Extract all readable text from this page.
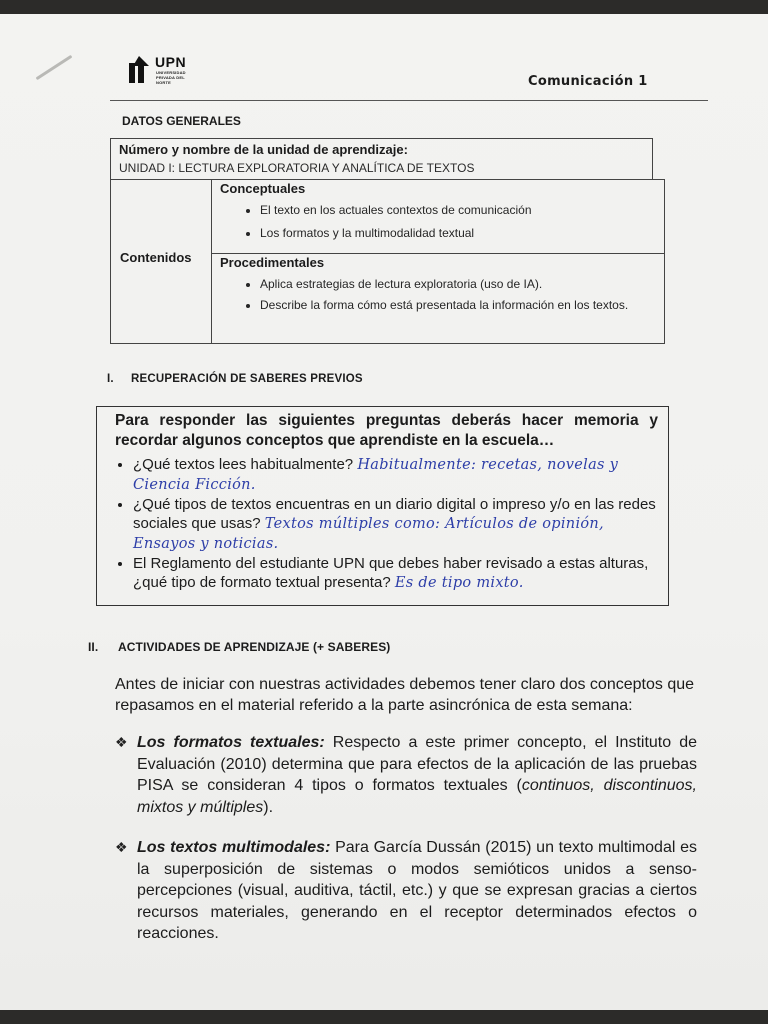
UPN
UNIVERSIDAD PRIVADA DEL NORTE	Comunicación 1
DATOS GENERALES
Número y nombre de la unidad de aprendizaje:
UNIDAD I: LECTURA EXPLORATORIA Y ANALÍTICA DE TEXTOS
Contenidos
Conceptuales
• El texto en los actuales contextos de comunicación
• Los formatos y la multimodalidad textual
Procedimentales
• Aplica estrategias de lectura exploratoria (uso de IA).
• Describe la forma cómo está presentada la información en los textos.
I. RECUPERACIÓN DE SABERES PREVIOS
Para responder las siguientes preguntas deberás hacer memoria y recordar algunos conceptos que aprendiste en la escuela…
• ¿Qué textos lees habitualmente? Habitualmente: recetas, novelas y Ciencia Ficción.
• ¿Qué tipos de textos encuentras en un diario digital o impreso y/o en las redes sociales que usas? Textos múltiples como: Artículos de opinión, Ensayos y noticias.
• El Reglamento del estudiante UPN que debes haber revisado a estas alturas, ¿qué tipo de formato textual presenta? Es de tipo mixto.
II. ACTIVIDADES DE APRENDIZAJE (+ SABERES)
Antes de iniciar con nuestras actividades debemos tener claro dos conceptos que repasamos en el material referido a la parte asincrónica de esta semana:
❖ Los formatos textuales: Respecto a este primer concepto, el Instituto de Evaluación (2010) determina que para efectos de la aplicación de las pruebas PISA se consideran 4 tipos o formatos textuales (continuos, discontinuos, mixtos y múltiples).
❖ Los textos multimodales: Para García Dussán (2015) un texto multimodal es la superposición de sistemas o modos semióticos unidos a senso-percepciones (visual, auditiva, táctil, etc.) y que se expresan gracias a ciertos recursos materiales, generando en el receptor determinados efectos o reacciones.
